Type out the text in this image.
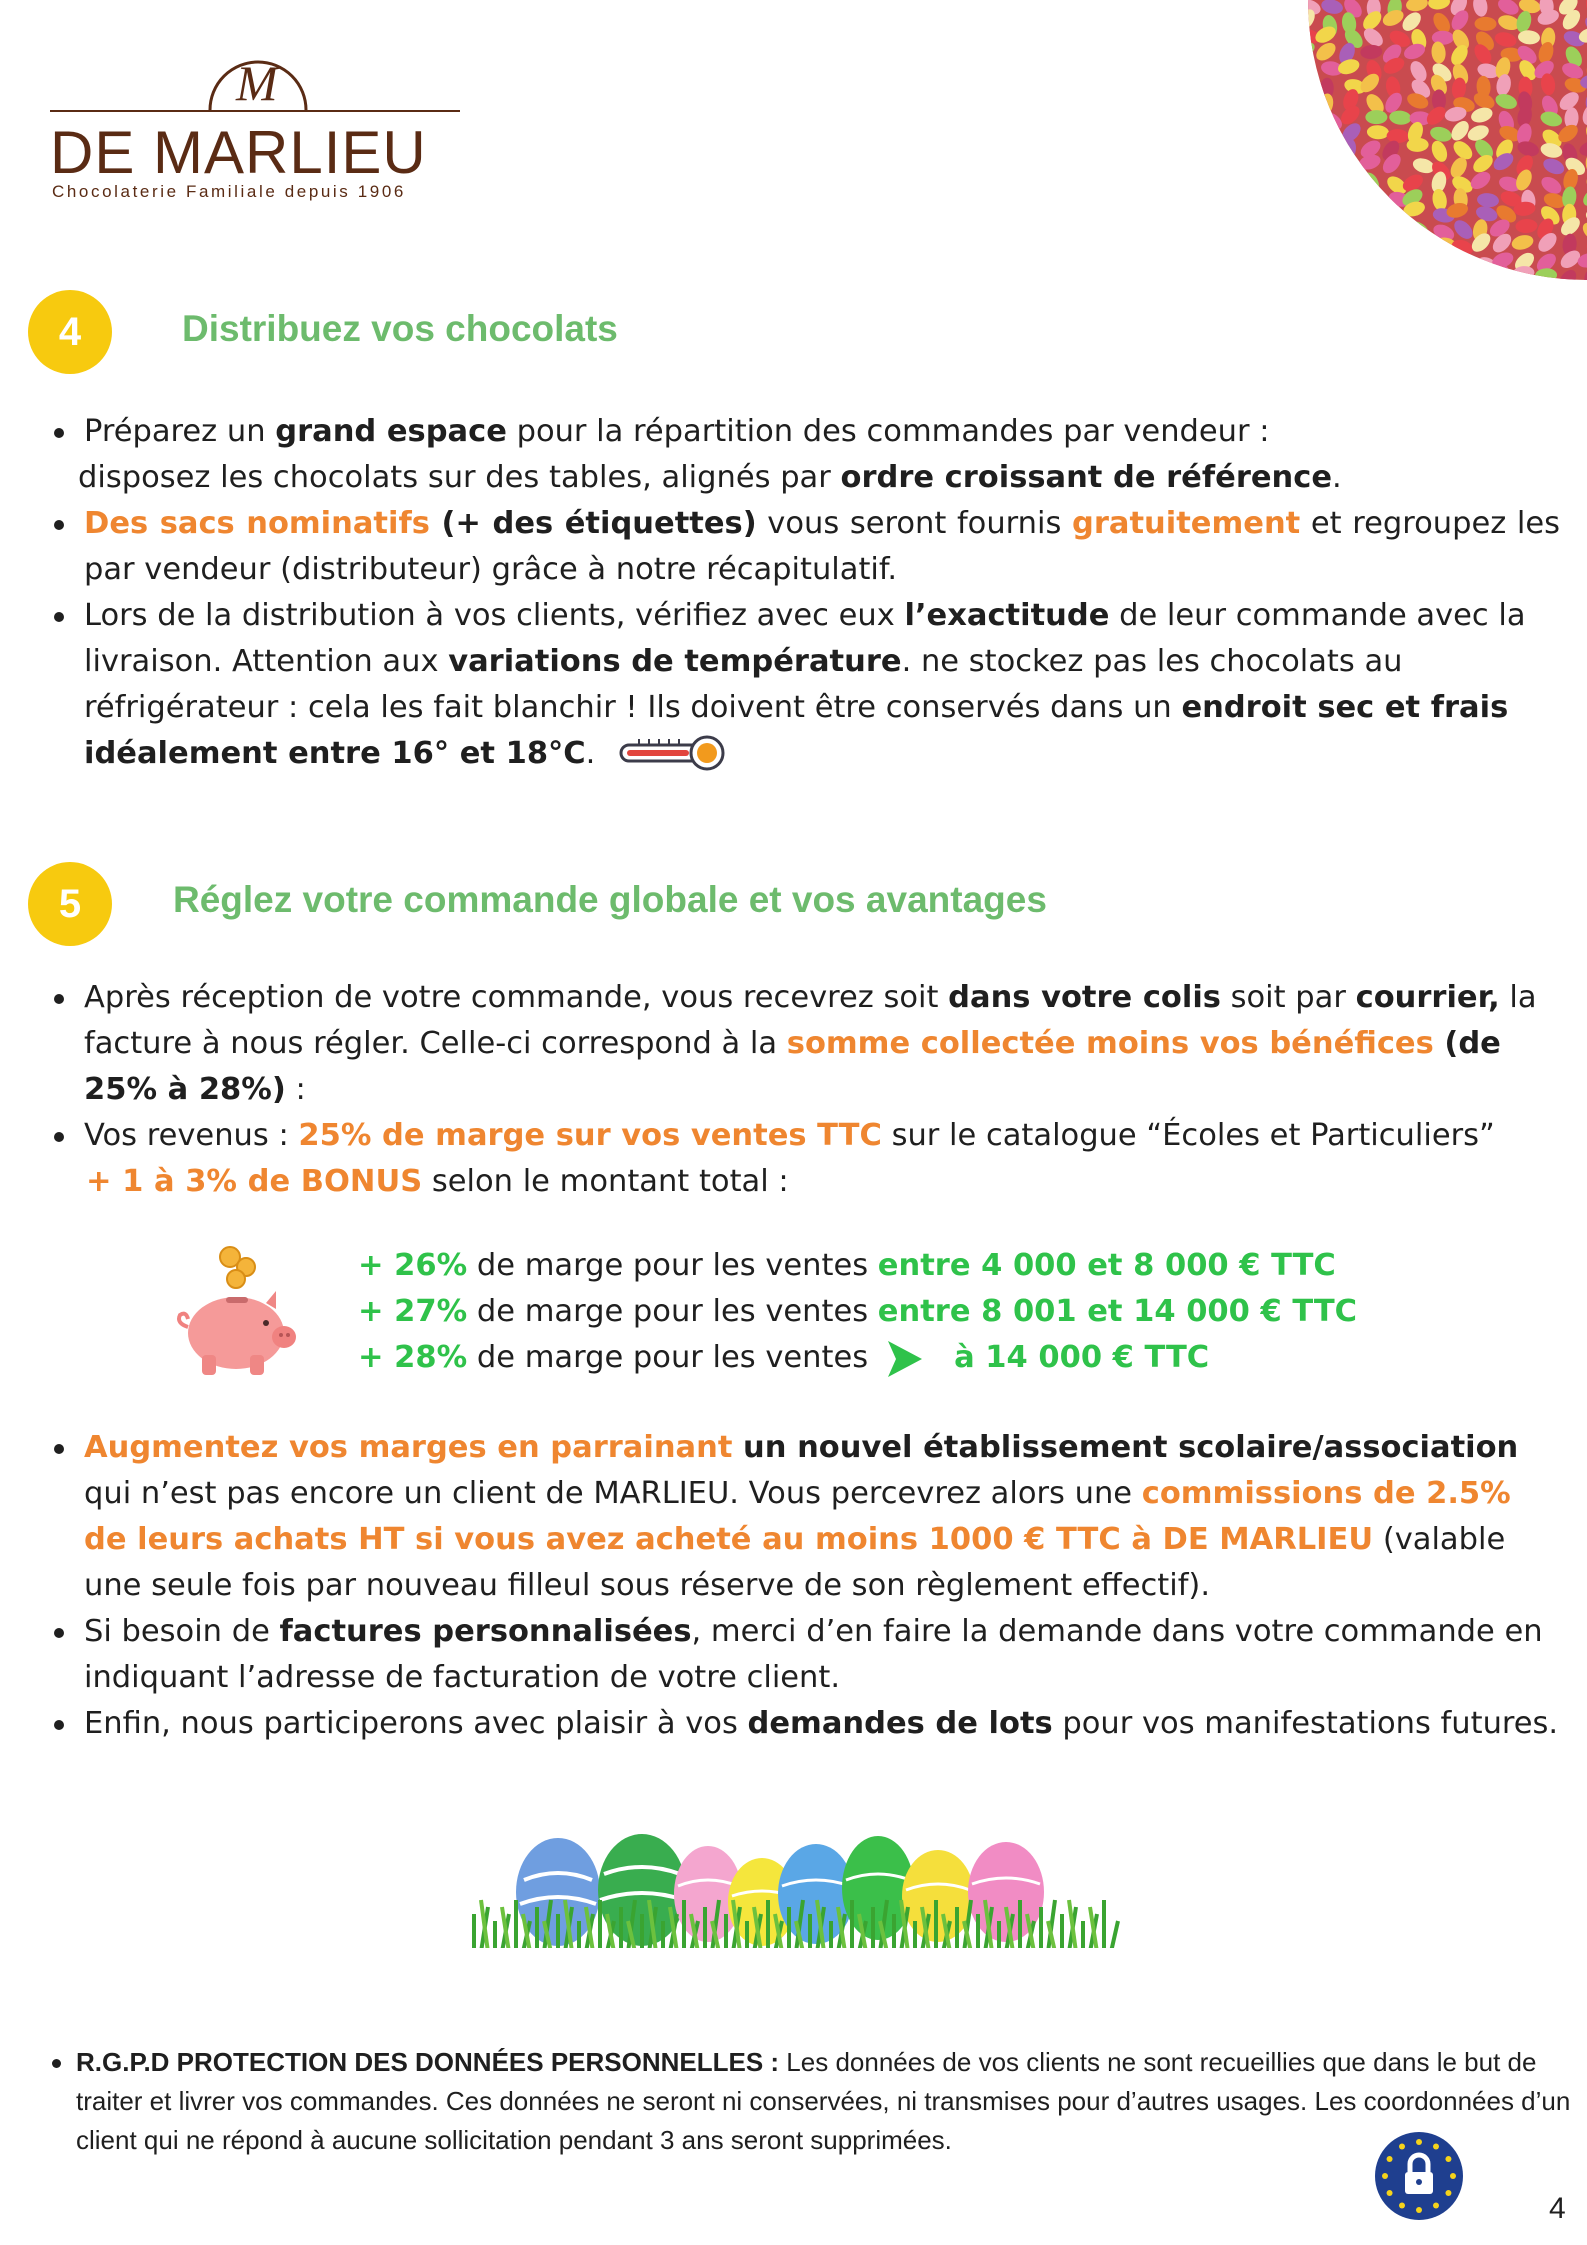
M
DE MARLIEU
Chocolaterie Familiale depuis 1906
4	Distribuez vos chocolats
Préparez un grand espace pour la répartition des commandes par vendeur :
disposez les chocolats sur des tables, alignés par ordre croissant de référence.
Des sacs nominatifs (+ des étiquettes) vous seront fournis gratuitement et regroupez les par vendeur (distributeur) grâce à notre récapitulatif.
Lors de la distribution à vos clients, vérifiez avec eux l’exactitude de leur commande avec la livraison. Attention aux variations de température. ne stockez pas les chocolats au réfrigérateur : cela les fait blanchir ! Ils doivent être conservés dans un endroit sec et frais idéalement entre 16° et 18°C.
5	Réglez votre commande globale et vos avantages
Après réception de votre commande, vous recevrez soit dans votre colis soit par courrier, la facture à nous régler. Celle-ci correspond à la somme collectée moins vos bénéfices (de 25% à 28%) :
Vos revenus : 25% de marge sur vos ventes TTC sur le catalogue “Écoles et Particuliers”
+ 1 à 3% de BONUS selon le montant total :
+ 26% de marge pour les ventes entre 4 000 et 8 000 € TTC
+ 27% de marge pour les ventes entre 8 001 et 14 000 € TTC
+ 28% de marge pour les ventes	à 14 000 € TTC
Augmentez vos marges en parrainant un nouvel établissement scolaire/association qui n’est pas encore un client de MARLIEU. Vous percevrez alors une commissions de 2.5% de leurs achats HT si vous avez acheté au moins 1000 € TTC à DE MARLIEU (valable une seule fois par nouveau filleul sous réserve de son règlement effectif).
Si besoin de factures personnalisées, merci d’en faire la demande dans votre commande en indiquant l’adresse de facturation de votre client.
Enfin, nous participerons avec plaisir à vos demandes de lots pour vos manifestations futures.
R.G.P.D PROTECTION DES DONNÉES PERSONNELLES : Les données de vos clients ne sont recueillies que dans le but de traiter et livrer vos commandes. Ces données ne seront ni conservées, ni transmises pour d’autres usages. Les coordonnées d’un client qui ne répond à aucune sollicitation pendant 3 ans seront supprimées.
4
